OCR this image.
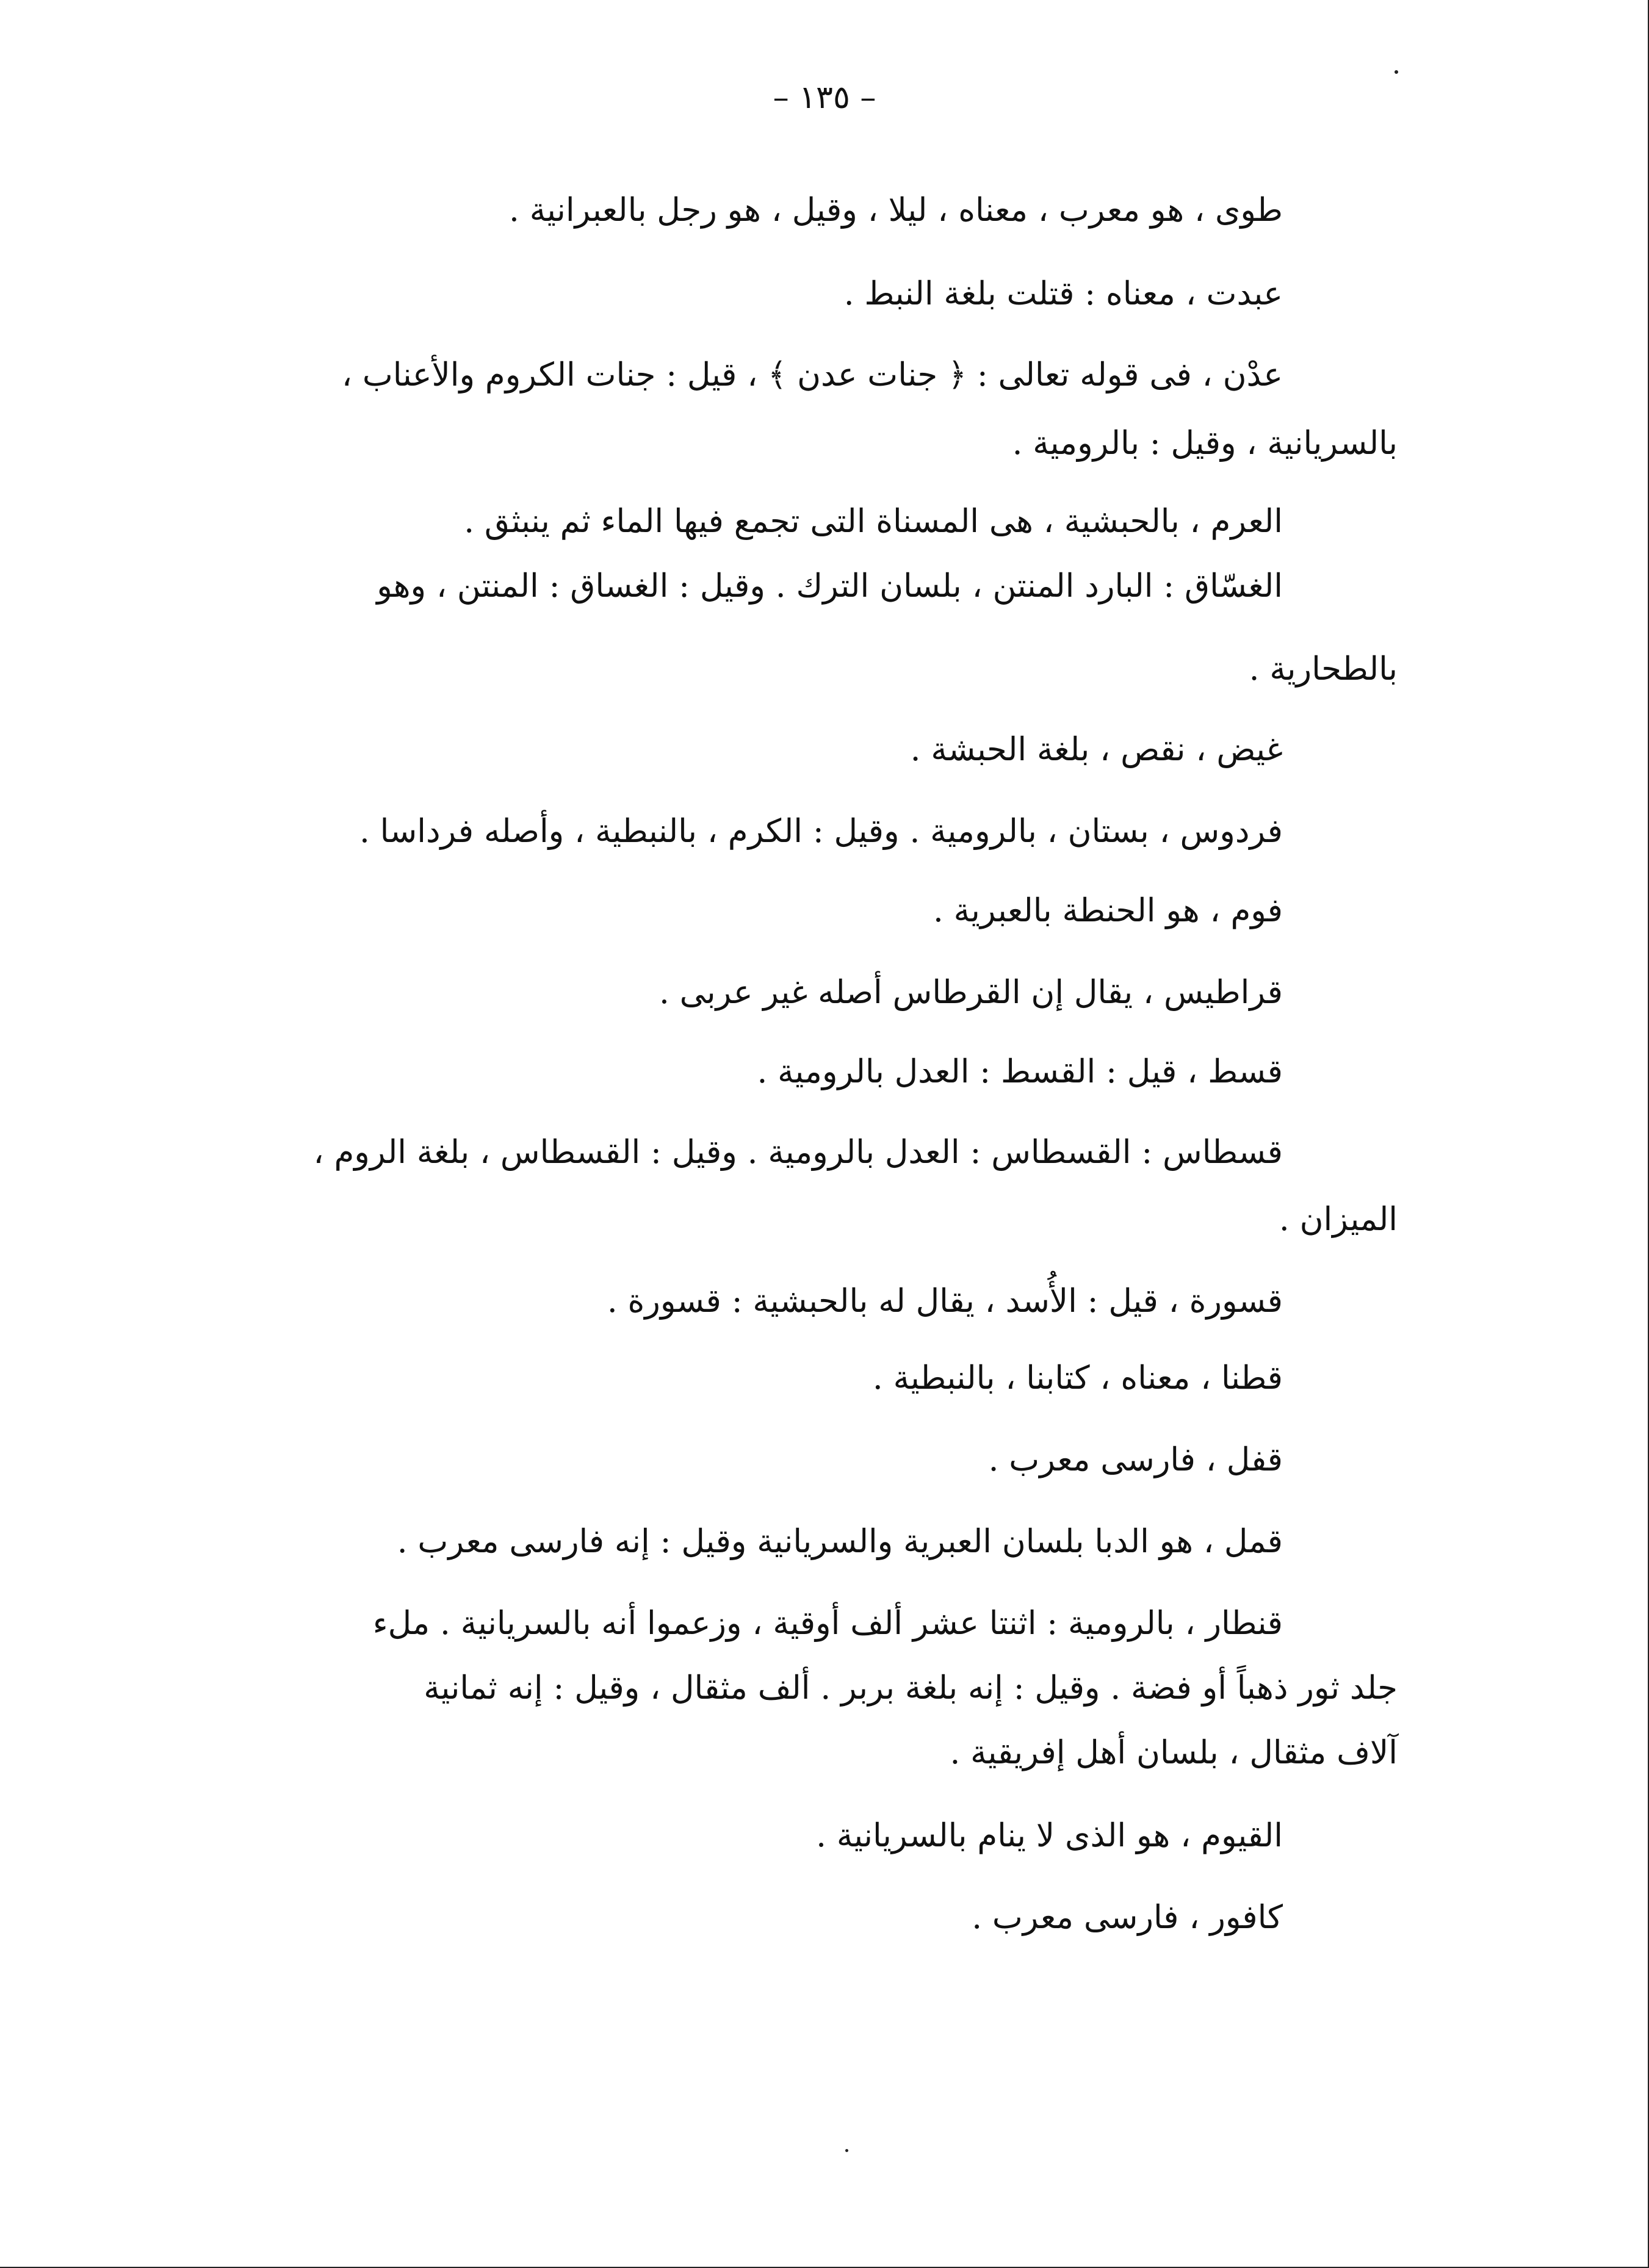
– ١٣٥ –
طوى ، هو معرب ، معناه ، ليلا ، وقيل ، هو رجل بالعبرانية .
عبدت ، معناه : قتلت بلغة النبط .
عدْن ، فى قوله تعالى : ﴿ جنات عدن ﴾ ، قيل : جنات الكروم والأعناب ،
بالسريانية ، وقيل : بالرومية .
العرم ، بالحبشية ، هى المسناة التى تجمع فيها الماء ثم ينبثق .
الغسّاق : البارد المنتن ، بلسان الترك . وقيل : الغساق : المنتن ، وهو
بالطحارية .
غيض ، نقص ، بلغة الحبشة .
فردوس ، بستان ، بالرومية . وقيل : الكرم ، بالنبطية ، وأصله فرداسا .
فوم ، هو الحنطة بالعبرية .
قراطيس ، يقال إن القرطاس أصله غير عربى .
قسط ، قيل : القسط : العدل بالرومية .
قسطاس : القسطاس : العدل بالرومية . وقيل : القسطاس ، بلغة الروم ،
الميزان .
قسورة ، قيل : الأُسد ، يقال له بالحبشية : قسورة .
قطنا ، معناه ، كتابنا ، بالنبطية .
قفل ، فارسى معرب .
قمل ، هو الدبا بلسان العبرية والسريانية وقيل : إنه فارسى معرب .
قنطار ، بالرومية : اثنتا عشر ألف أوقية ، وزعموا أنه بالسريانية . ملء
جلد ثور ذهباً أو فضة . وقيل : إنه بلغة بربر . ألف مثقال ، وقيل : إنه ثمانية
آلاف مثقال ، بلسان أهل إفريقية .
القيوم ، هو الذى لا ينام بالسريانية .
كافور ، فارسى معرب .
